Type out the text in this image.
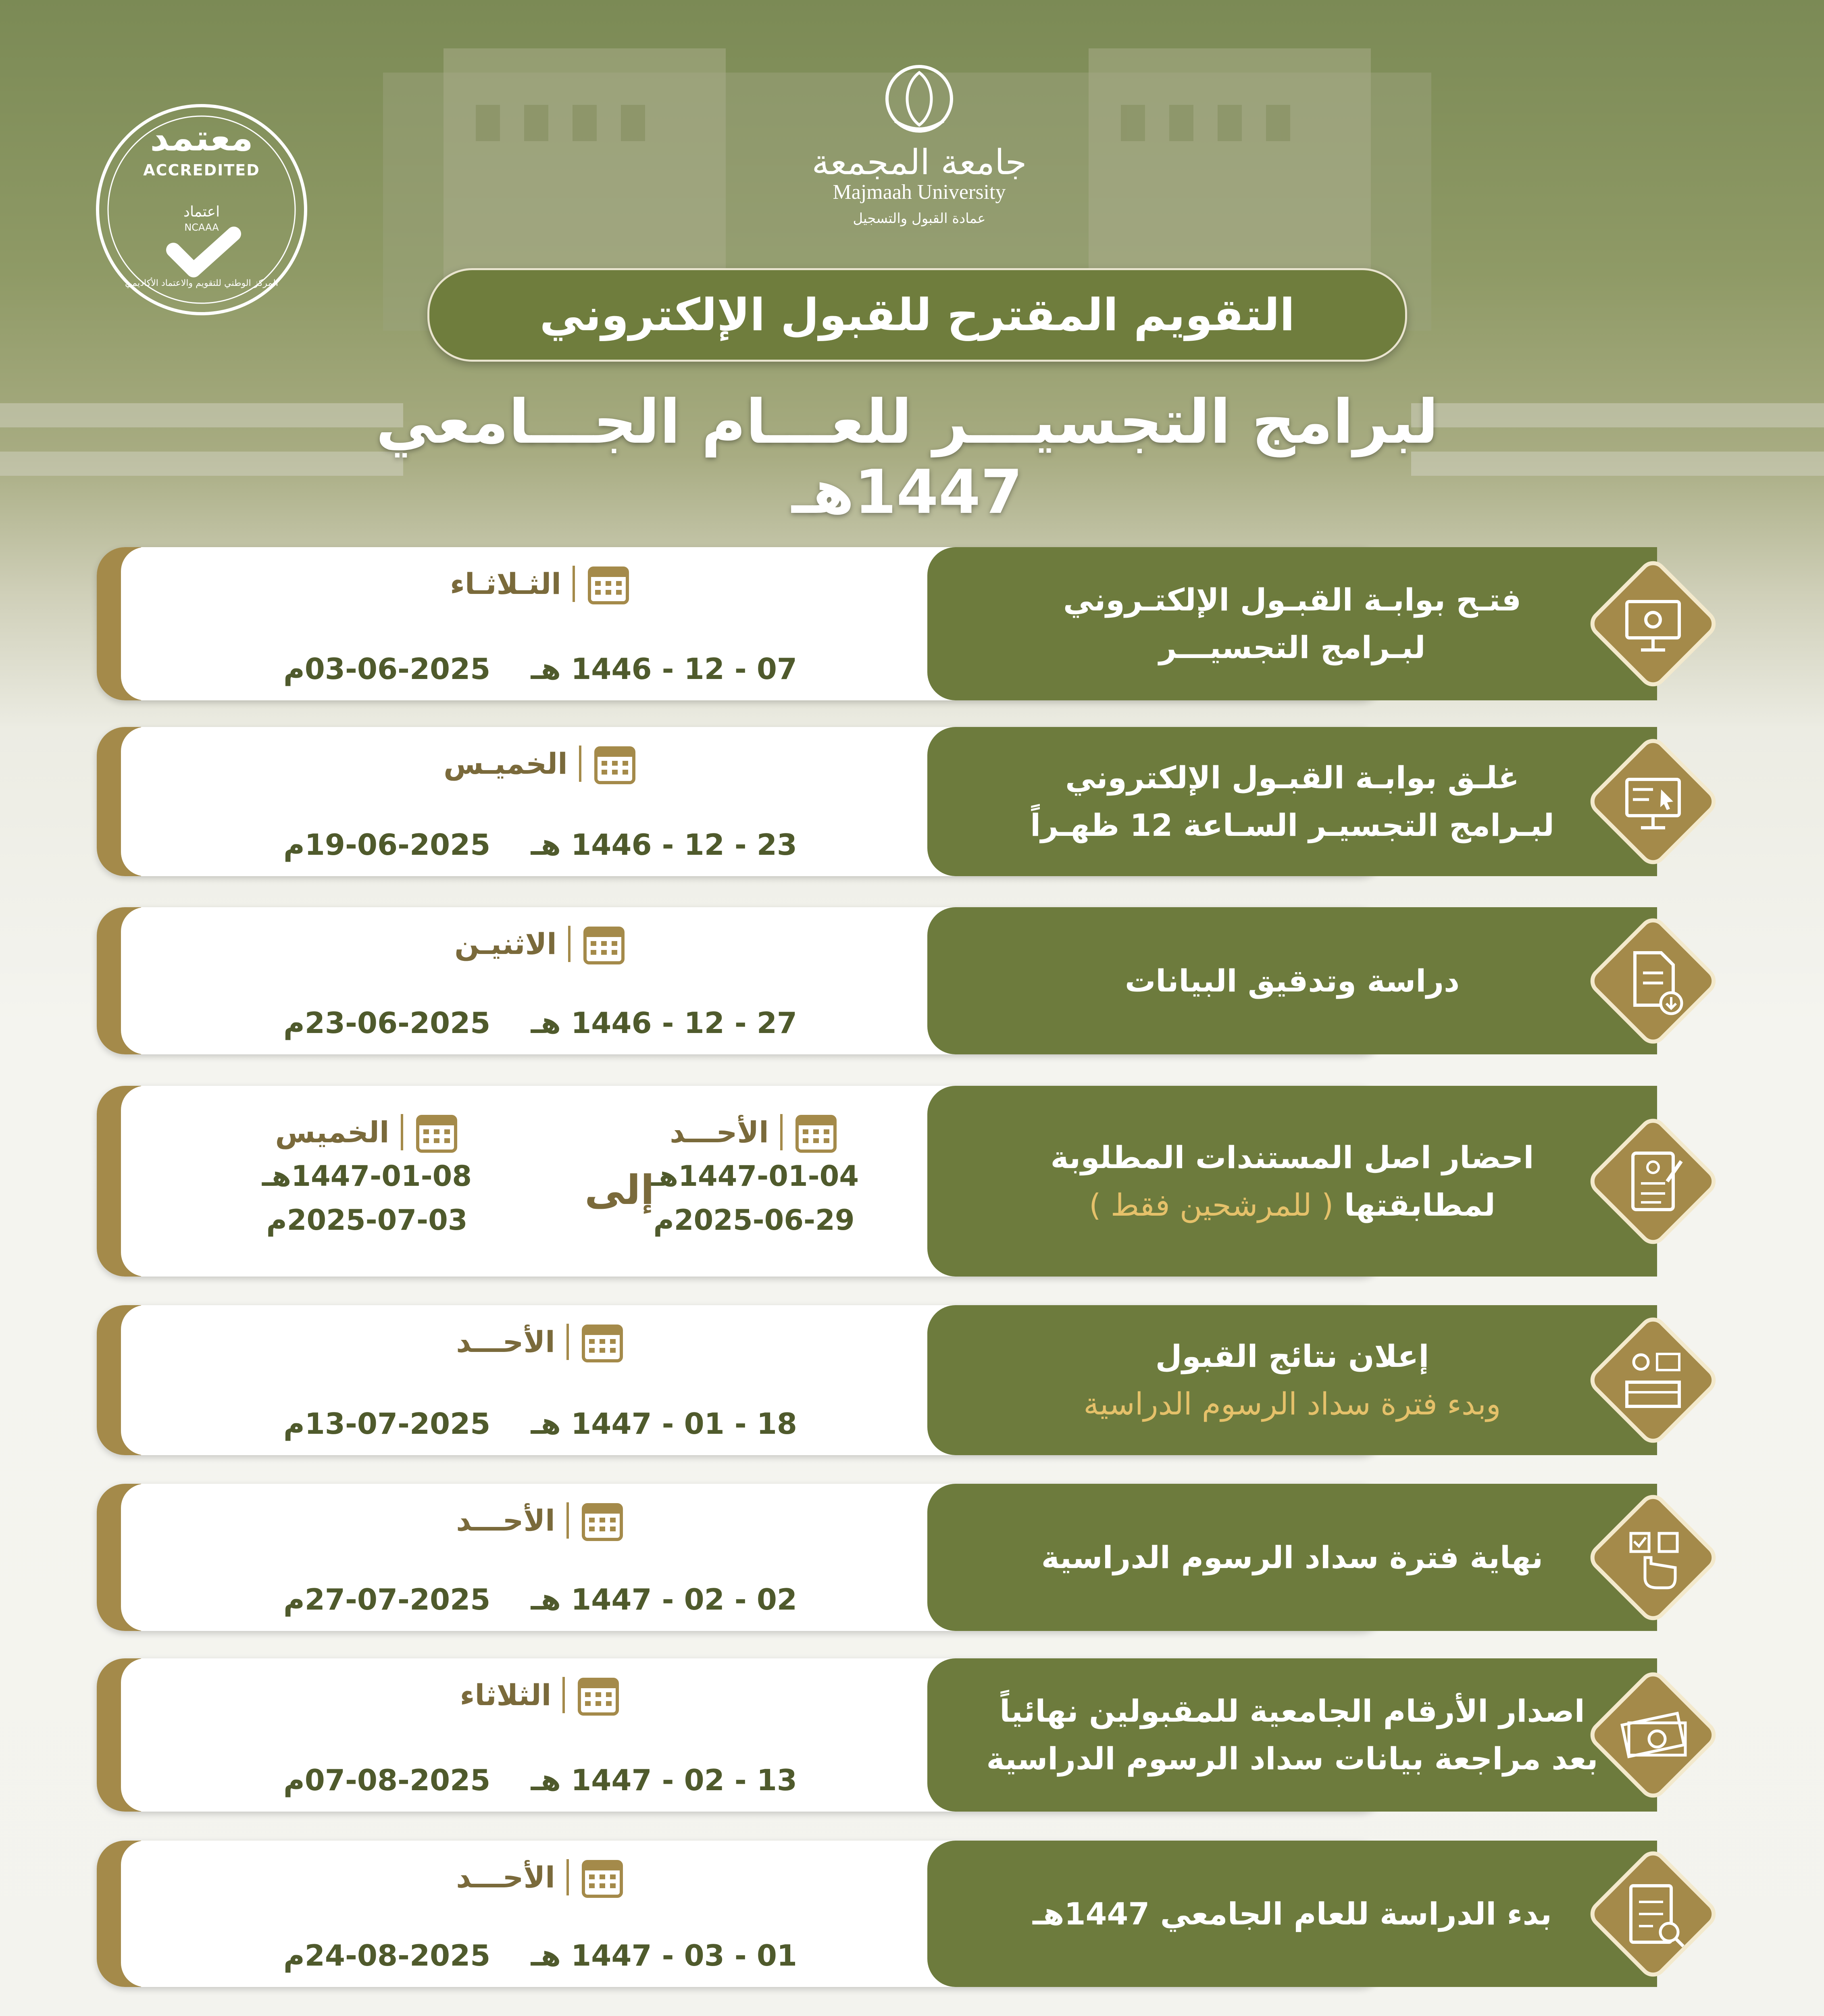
جامعة المجمعة
Majmaah University
عمادة القبول والتسجيل
معتمد
ACCREDITED
اعتماد
NCAAA
المركز الوطني للتقويم والاعتماد الأكاديمي
التقويم المقترح للقبول الإلكتروني
لبرامج التجسيـــر للعـــام الجـــامعي 1447هـ
الثـلاثـاء
07 - 12 - 1446 هـ    2025-06-03م
فتـح بوابـة القبـول الإلكتـروني
لبـرامج التجسيـــر
الخميـس
23 - 12 - 1446 هـ    2025-06-19م
غلـق بوابـة القبـول الإلكتروني
لبـرامج التجسيـر السـاعة 12 ظهـراً
الاثنيـن
27 - 12 - 1446 هـ    2025-06-23م
دراسة وتدقيق البيانات
الأحـــد
1447-01-04هـ
2025-06-29م
إلى
الخميس
1447-01-08هـ
2025-07-03م
احضار اصل المستندات المطلوبة
لمطابقتها ( للمرشحين فقط )
الأحـــد
18 - 01 - 1447 هـ    2025-07-13م
إعلان نتائج القبول
وبدء فترة سداد الرسوم الدراسية
الأحـــد
02 - 02 - 1447 هـ    2025-07-27م
نهاية فترة سداد الرسوم الدراسية
الثلاثاء
13 - 02 - 1447 هـ    2025-08-07م
اصدار الأرقام الجامعية للمقبولين نهائياً
بعد مراجعة بيانات سداد الرسوم الدراسية
الأحـــد
01 - 03 - 1447 هـ    2025-08-24م
بدء الدراسة للعام الجامعي 1447هـ
